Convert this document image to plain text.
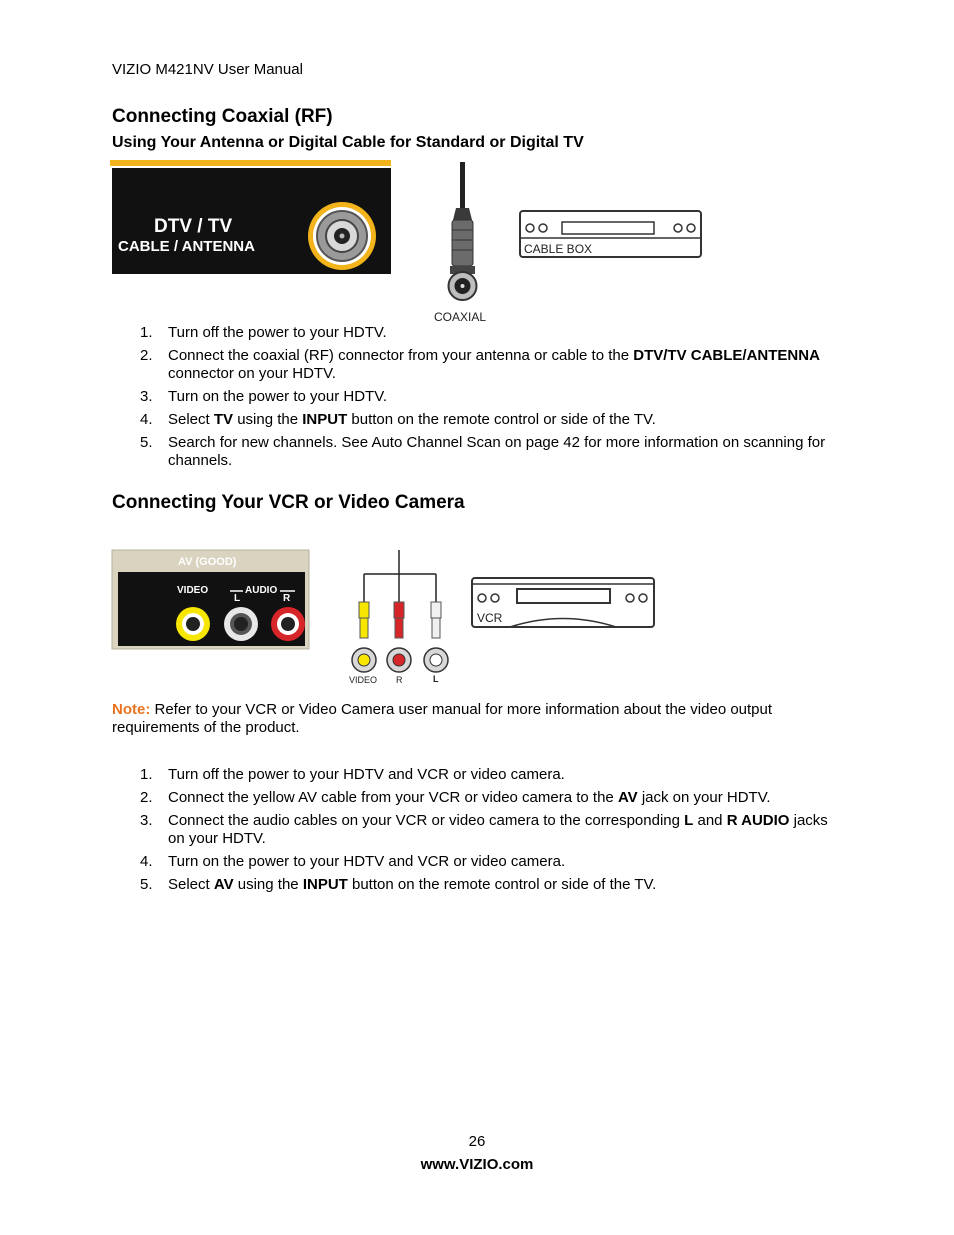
VIZIO M421NV User Manual
Connecting Coaxial (RF)
Using Your Antenna or Digital Cable for Standard or Digital TV
DTV / TV
CABLE / ANTENNA
COAXIAL
CABLE BOX
1.	Turn off the power to your HDTV.
2.	Connect the coaxial (RF) connector from your antenna or cable to the DTV/TV CABLE/ANTENNA connector on your HDTV.
3.	Turn on the power to your HDTV.
4.	Select TV using the INPUT button on the remote control or side of the TV.
5.	Search for new channels. See Auto Channel Scan on page 42 for more information on scanning for channels.
Connecting Your VCR or Video Camera
AV (GOOD)
VIDEO	AUDIO
L	R
VIDEO R	L
VCR
Note: Refer to your VCR or Video Camera user manual for more information about the video output requirements of the product.
1.	Turn off the power to your HDTV and VCR or video camera.
2.	Connect the yellow AV cable from your VCR or video camera to the AV jack on your HDTV.
3.	Connect the audio cables on your VCR or video camera to the corresponding L and R AUDIO jacks on your HDTV.
4.	Turn on the power to your HDTV and VCR or video camera.
5.	Select AV using the INPUT button on the remote control or side of the TV.
26
www.VIZIO.com
